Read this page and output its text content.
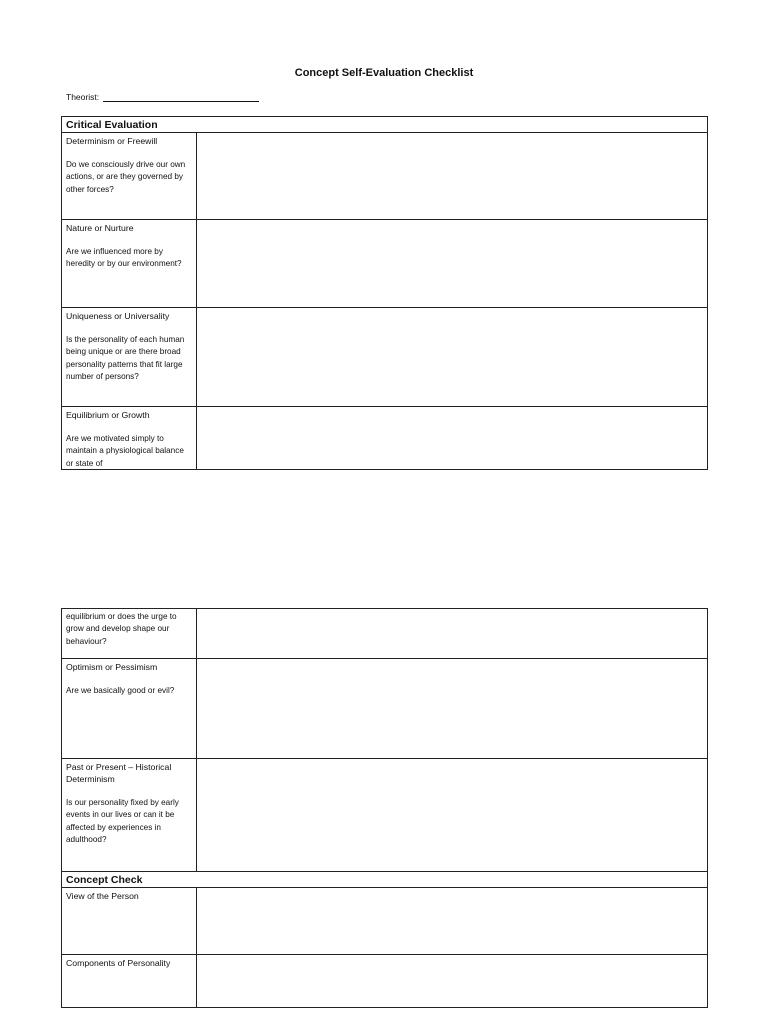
Concept Self-Evaluation Checklist
Theorist:
Critical Evaluation
Determinism or Freewill
Do we consciously drive our own actions, or are they governed by other forces?
Nature or Nurture
Are we influenced more by heredity or by our environment?
Uniqueness or Universality
Is the personality of each human being unique or are there broad personality patterns that fit large number of persons?
Equilibrium or Growth
Are we motivated simply to maintain a physiological balance or state of
equilibrium or does the urge to grow and develop shape our behaviour?
Optimism or Pessimism
Are we basically good or evil?
Past or Present – Historical Determinism
Is our personality fixed by early events in our lives or can it be affected by experiences in adulthood?
Concept Check
View of the Person
Components of Personality
